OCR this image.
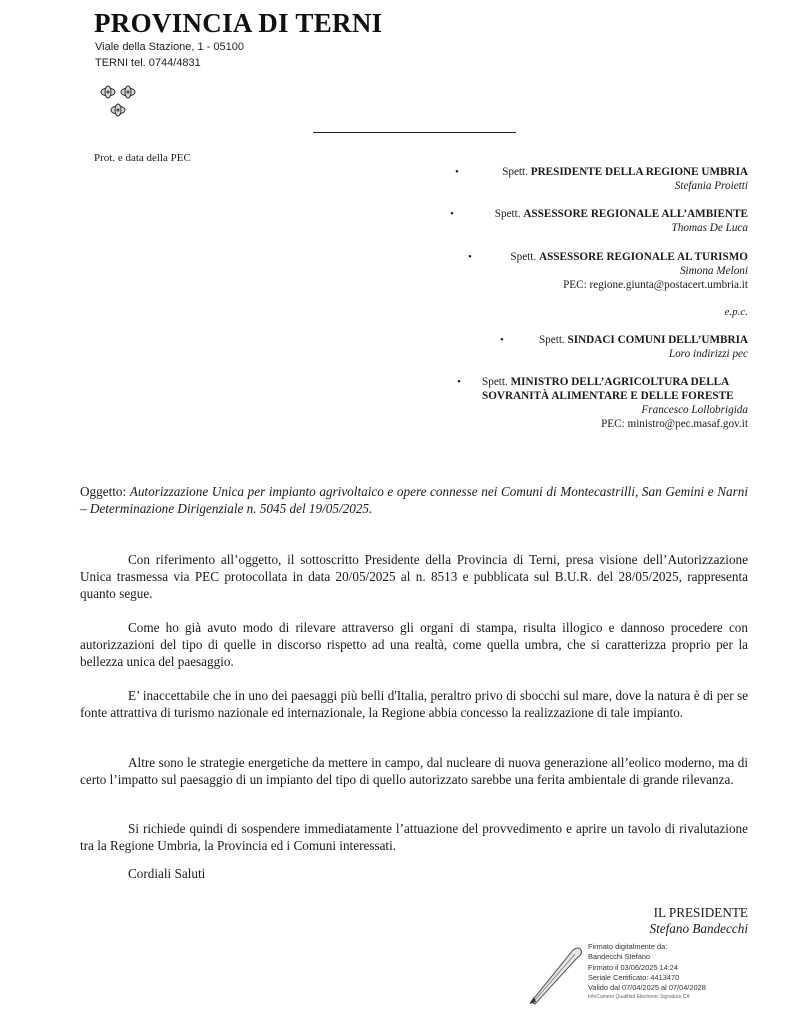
PROVINCIA DI TERNI
Viale della Stazione, 1 - 05100
TERNI tel. 0744/4831
Prot. e data della PEC
•	Spett. PRESIDENTE DELLA REGIONE UMBRIA
Stefania Proietti
•	Spett. ASSESSORE REGIONALE ALL’AMBIENTE
Thomas De Luca
•	Spett. ASSESSORE REGIONALE AL TURISMO
Simona Meloni
PEC: regione.giunta@postacert.umbria.it
e.p.c.
•	Spett. SINDACI COMUNI DELL’UMBRIA
Loro indirizzi pec
• Spett. MINISTRO DELL’AGRICOLTURA DELLA
SOVRANITÀ ALIMENTARE E DELLE FORESTE
Francesco Lollobrigida
PEC: ministro@pec.masaf.gov.it
Oggetto: Autorizzazione Unica per impianto agrivoltaico e opere connesse nei Comuni di Montecastrilli, San Gemini e Narni – Determinazione Dirigenziale n. 5045 del 19/05/2025.
Con riferimento all’oggetto, il sottoscritto Presidente della Provincia di Terni, presa visione dell’Autorizzazione Unica trasmessa via PEC protocollata in data 20/05/2025 al n. 8513 e pubblicata sul B.U.R. del 28/05/2025, rappresenta quanto segue.
Come ho già avuto modo di rilevare attraverso gli organi di stampa, risulta illogico e dannoso procedere con autorizzazioni del tipo di quelle in discorso rispetto ad una realtà, come quella umbra, che si caratterizza proprio per la bellezza unica del paesaggio.
E’ inaccettabile che in uno dei paesaggi più belli d'Italia, peraltro privo di sbocchi sul mare, dove la natura è di per se fonte attrattiva di turismo nazionale ed internazionale, la Regione abbia concesso la realizzazione di tale impianto.
Altre sono le strategie energetiche da mettere in campo, dal nucleare di nuova generazione all’eolico moderno, ma di certo l’impatto sul paesaggio di un impianto del tipo di quello autorizzato sarebbe una ferita ambientale di grande rilevanza.
Si richiede quindi di sospendere immediatamente l’attuazione del provvedimento e aprire un tavolo di rivalutazione tra la Regione Umbria, la Provincia ed i Comuni interessati.
Cordiali Saluti
IL PRESIDENTE
Stefano Bandecchi
Firmato digitalmente da:
Bandecchi Stefano
Firmato il 03/06/2025 14:24
Seriale Certificato: 4413470
Valido dal 07/04/2025 al 07/04/2028
InfoCamere Qualified Electronic Signature CA
